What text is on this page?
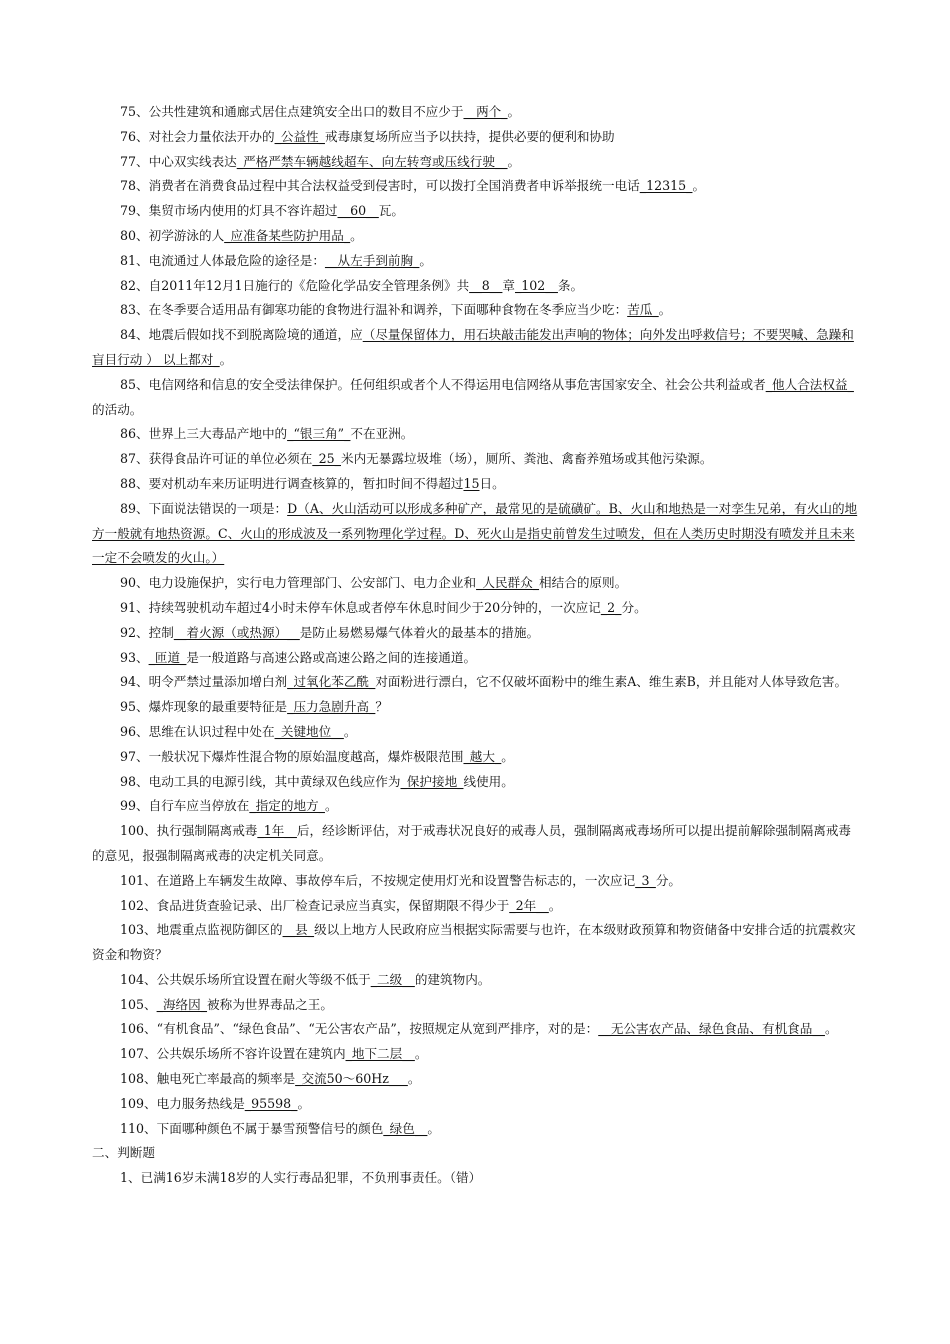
75、公共性建筑和通廊式居住点建筑安全出口的数目不应少于__两个_。
76、对社会力量依法开办的_公益性_戒毒康复场所应当予以扶持，提供必要的便利和协助
77、中心双实线表达_严格严禁车辆越线超车、向左转弯或压线行驶__。
78、消费者在消费食品过程中其合法权益受到侵害时，可以拨打全国消费者申诉举报统一电话_12315_。
79、集贸市场内使用的灯具不容许超过__60__瓦。
80、初学游泳的人_应准备某些防护用品_。
81、电流通过人体最危险的途径是：__从左手到前胸_。
82、自2011年12月1日施行的《危险化学品安全管理条例》共__8__章_102__条。
83、在冬季要合适用品有御寒功能的食物进行温补和调养，下面哪种食物在冬季应当少吃：苦瓜_。
84、地震后假如找不到脱离险境的通道，应（尽量保留体力，用石块敲击能发出声响的物体；向外发出呼救信号；不要哭喊、急躁和盲目行动 ） 以上都对_。
85、电信网络和信息的安全受法律保护。任何组织或者个人不得运用电信网络从事危害国家安全、社会公共利益或者_他人合法权益_的活动。
86、世界上三大毒品产地中的_“银三角”_不在亚洲。
87、获得食品许可证的单位必须在_25_米内无暴露垃圾堆（场），厕所、粪池、禽畜养殖场或其他污染源。
88、要对机动车来历证明进行调查核算的，暂扣时间不得超过15日。
89、下面说法错误的一项是：D（A、火山活动可以形成多种矿产，最常见的是硫磺矿。B、火山和地热是一对孪生兄弟，有火山的地方一般就有地热资源。C、火山的形成波及一系列物理化学过程。D、死火山是指史前曾发生过喷发，但在人类历史时期没有喷发并且未来一定不会喷发的火山。）
90、电力设施保护，实行电力管理部门、公安部门、电力企业和_人民群众_相结合的原则。
91、持续驾驶机动车超过4小时未停车休息或者停车休息时间少于20分钟的，一次应记_2_分。
92、控制__着火源（或热源）__是防止易燃易爆气体着火的最基本的措施。
93、_匝道_是一般道路与高速公路或高速公路之间的连接通道。
94、明令严禁过量添加增白剂_过氧化苯乙酰_对面粉进行漂白，它不仅破坏面粉中的维生素A、维生素B，并且能对人体导致危害。
95、爆炸现象的最重要特征是_压力急剧升高_？
96、思维在认识过程中处在_关键地位__。
97、一般状况下爆炸性混合物的原始温度越高，爆炸极限范围_越大_。
98、电动工具的电源引线，其中黄绿双色线应作为_保护接地_线使用。
99、自行车应当停放在_指定的地方_。
100、执行强制隔离戒毒_1年__后，经诊断评估，对于戒毒状况良好的戒毒人员，强制隔离戒毒场所可以提出提前解除强制隔离戒毒的意见，报强制隔离戒毒的决定机关同意。
101、在道路上车辆发生故障、事故停车后，不按规定使用灯光和设置警告标志的，一次应记_3_分。
102、食品进货查验记录、出厂检查记录应当真实，保留期限不得少于_2年__。
103、地震重点监视防御区的__县_级以上地方人民政府应当根据实际需要与也许，在本级财政预算和物资储备中安排合适的抗震救灾资金和物资？
104、公共娱乐场所宜设置在耐火等级不低于_二级__的建筑物内。
105、_海络因_被称为世界毒品之王。
106、“有机食品”、“绿色食品”、“无公害农产品”，按照规定从宽到严排序，对的是：__无公害农产品、绿色食品、有机食品__。
107、公共娱乐场所不容许设置在建筑内_地下二层__。
108、触电死亡率最高的频率是_交流50～60Hz___。
109、电力服务热线是_95598_。
110、下面哪种颜色不属于暴雪预警信号的颜色_绿色__。
二、判断题
1、已满16岁未满18岁的人实行毒品犯罪，不负刑事责任。（错）
